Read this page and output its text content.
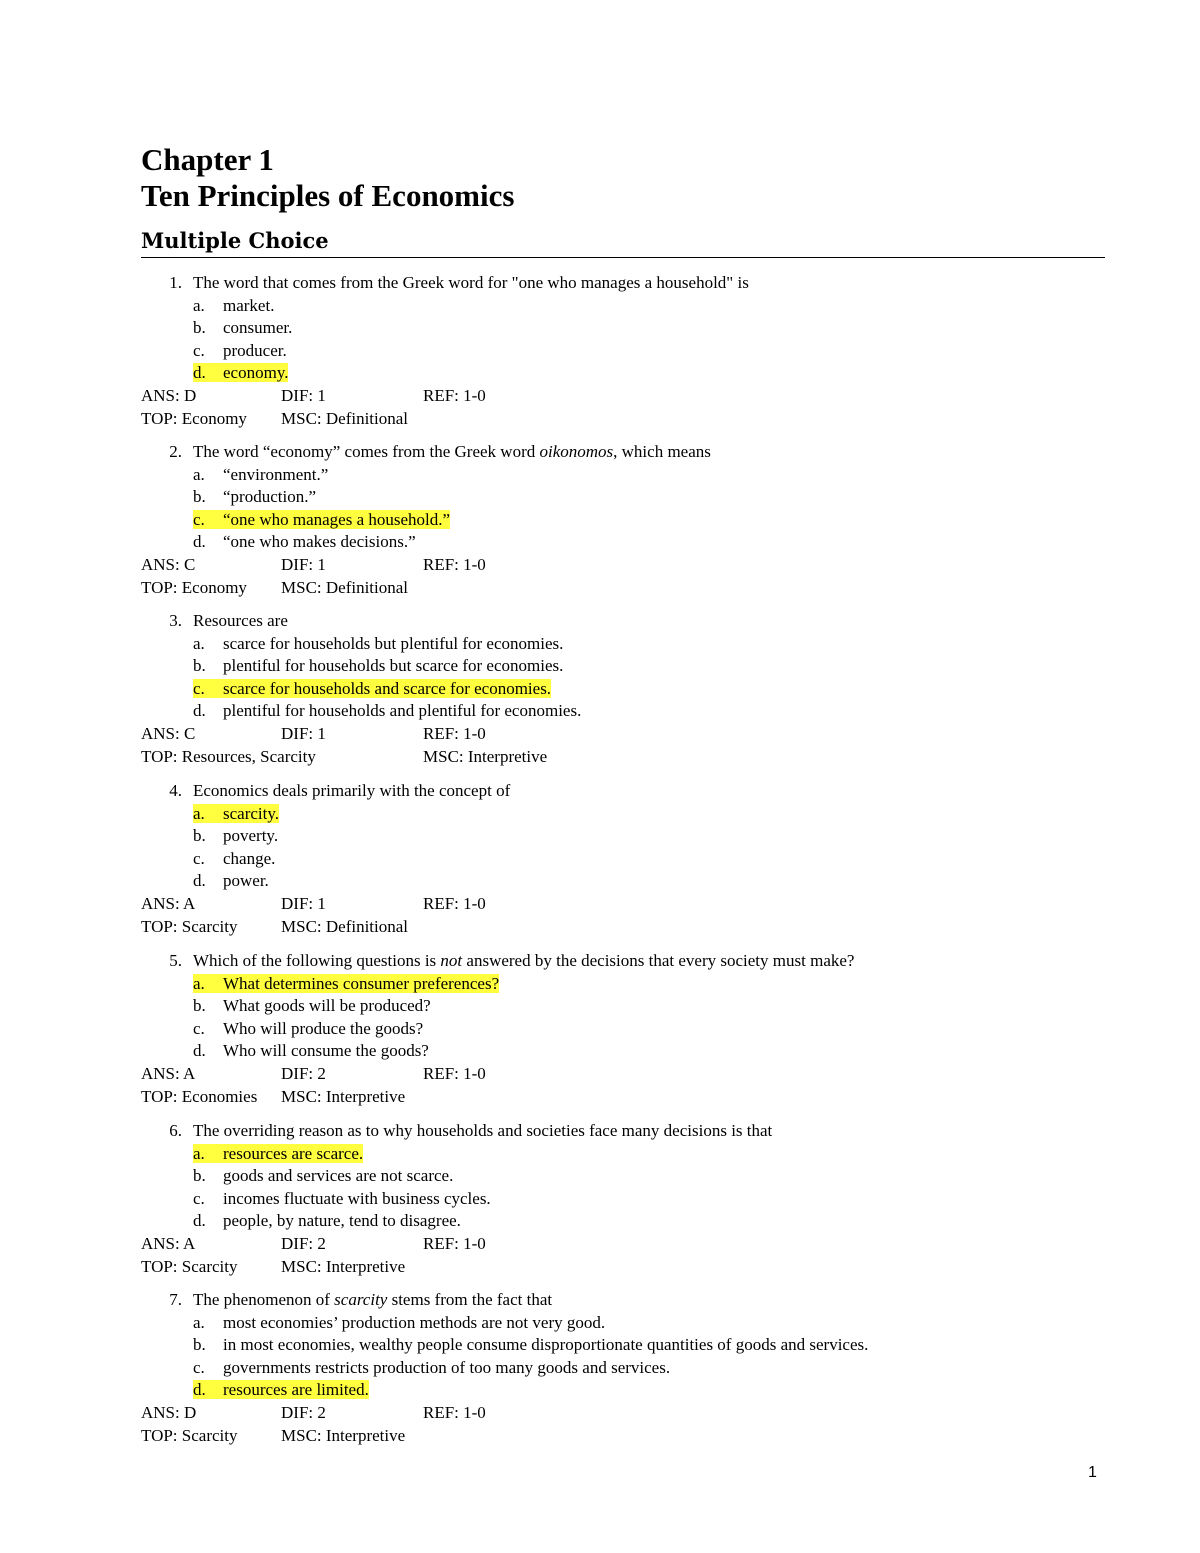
Chapter 1
Ten Principles of Economics
Multiple Choice
1. The word that comes from the Greek word for "one who manages a household" is
a. market.
b. consumer.
c. producer.
d. economy.
ANS: D	DIF: 1	REF: 1-0
TOP: Economy MSC: Definitional
2. The word “economy” comes from the Greek word oikonomos, which means
a. “environment.”
b. “production.”
c. “one who manages a household.”
d. “one who makes decisions.”
ANS: C	DIF: 1	REF: 1-0
TOP: Economy MSC: Definitional
3. Resources are
a. scarce for households but plentiful for economies.
b. plentiful for households but scarce for economies.
c. scarce for households and scarce for economies.
d. plentiful for households and plentiful for economies.
ANS: C	DIF: 1	REF: 1-0
TOP: Resources, Scarcity	MSC: Interpretive
4. Economics deals primarily with the concept of
a. scarcity.
b. poverty.
c. change.
d. power.
ANS: A	DIF: 1	REF: 1-0
TOP: Scarcity	MSC: Definitional
5. Which of the following questions is not answered by the decisions that every society must make?
a. What determines consumer preferences?
b. What goods will be produced?
c. Who will produce the goods?
d. Who will consume the goods?
ANS: A	DIF: 2	REF: 1-0
TOP: Economies MSC: Interpretive
6. The overriding reason as to why households and societies face many decisions is that
a. resources are scarce.
b. goods and services are not scarce.
c. incomes fluctuate with business cycles.
d. people, by nature, tend to disagree.
ANS: A	DIF: 2	REF: 1-0
TOP: Scarcity	MSC: Interpretive
7. The phenomenon of scarcity stems from the fact that
a. most economies’ production methods are not very good.
b. in most economies, wealthy people consume disproportionate quantities of goods and services.
c. governments restricts production of too many goods and services.
d. resources are limited.
ANS: D	DIF: 2	REF: 1-0
TOP: Scarcity	MSC: Interpretive
1
